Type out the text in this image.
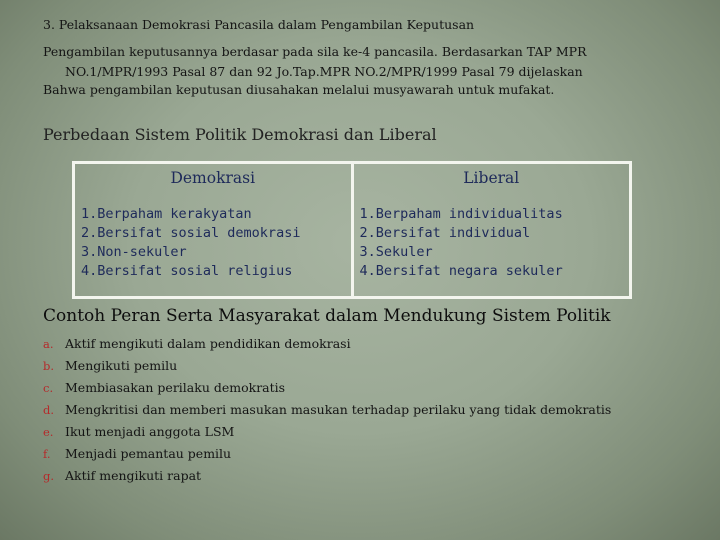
3. Pelaksanaan Demokrasi Pancasila dalam Pengambilan Keputusan
Pengambilan keputusannya berdasar pada sila ke-4 pancasila. Berdasarkan TAP MPR
NO.1/MPR/1993 Pasal 87 dan 92 Jo.Tap.MPR NO.2/MPR/1999 Pasal 79 dijelaskan
Bahwa pengambilan keputusan diusahakan melalui musyawarah untuk mufakat.
Perbedaan Sistem Politik Demokrasi dan Liberal
Demokrasi
1.Berpaham kerakyatan
2.Bersifat sosial demokrasi
3.Non-sekuler
4.Bersifat sosial religius

Liberal
1.Berpaham individualitas
2.Bersifat individual
3.Sekuler
4.Bersifat negara sekuler
Contoh Peran Serta Masyarakat dalam Mendukung Sistem Politik
a. Aktif mengikuti dalam pendidikan demokrasi
b. Mengikuti pemilu
c. Membiasakan perilaku demokratis
d. Mengkritisi dan memberi masukan masukan terhadap perilaku yang tidak demokratis
e. Ikut menjadi anggota LSM
f. Menjadi pemantau pemilu
g. Aktif mengikuti rapat
